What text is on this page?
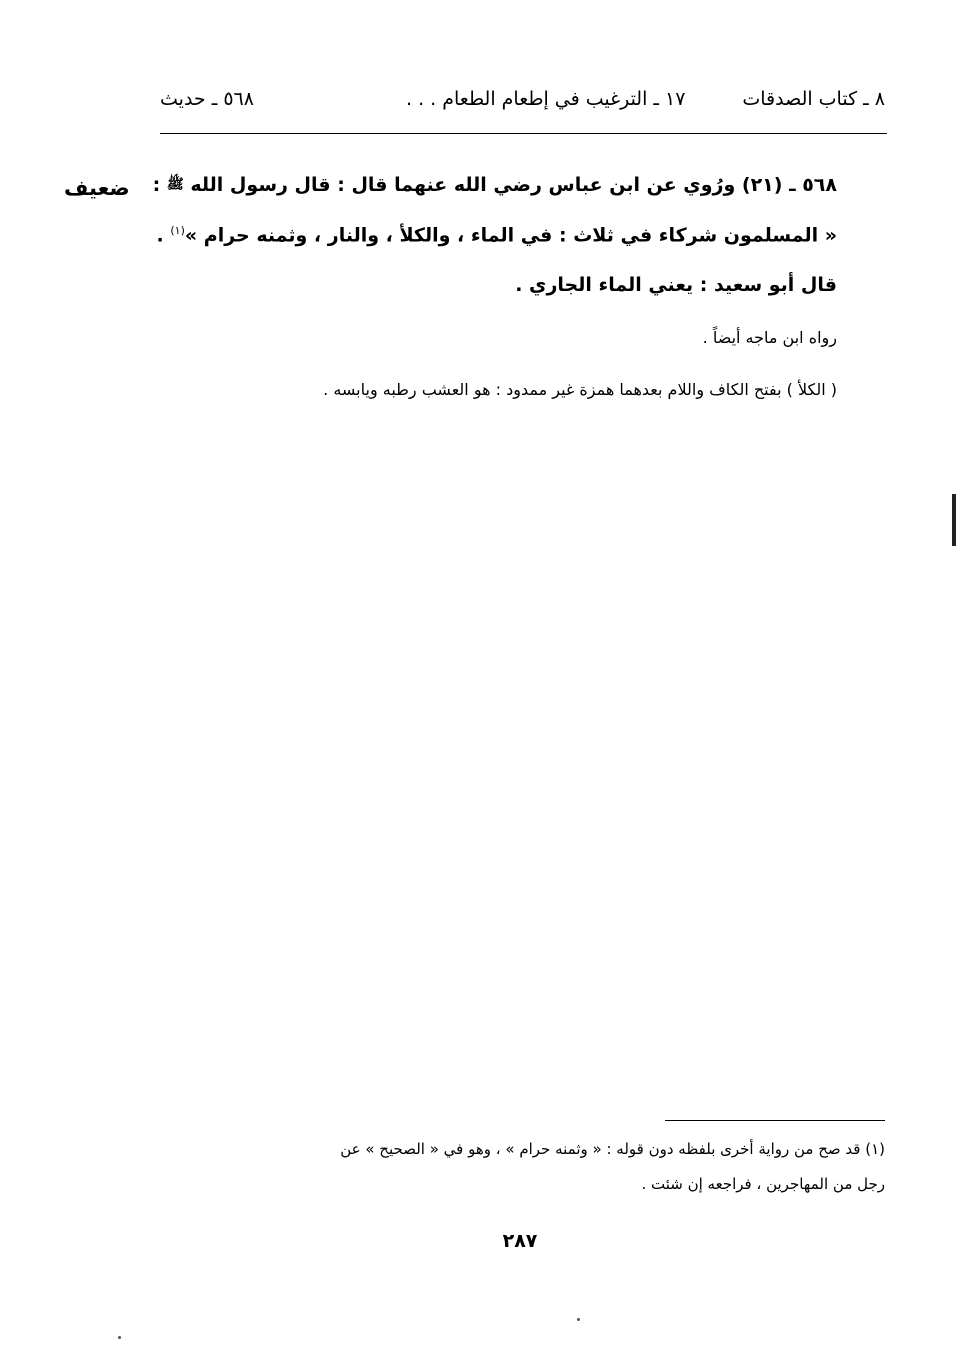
٨ ـ كتاب الصدقات
١٧ ـ الترغيب في إطعام الطعام . . .
٥٦٨ ـ حديث
ضعيف	٥٦٨ ـ (٢١) ورُوي عن ابن عباس رضي الله عنهما قال : قال رسول الله ﷺ :
« المسلمون شركاء في ثلاث : في الماء ، والكلأ ، والنار ، وثمنه حرام »$^{(١)}$ .
قال أبو سعيد : يعني الماء الجاري .
رواه ابن ماجه أيضاً .
( الكلأ ) بفتح الكاف واللام بعدهما همزة غير ممدود : هو العشب رطبه ويابسه .
(١) قد صح من رواية أخرى بلفظه دون قوله : « وثمنه حرام » ، وهو في « الصحيح » عن
رجل من المهاجرين ، فراجعه إن شئت .
٢٨٧
